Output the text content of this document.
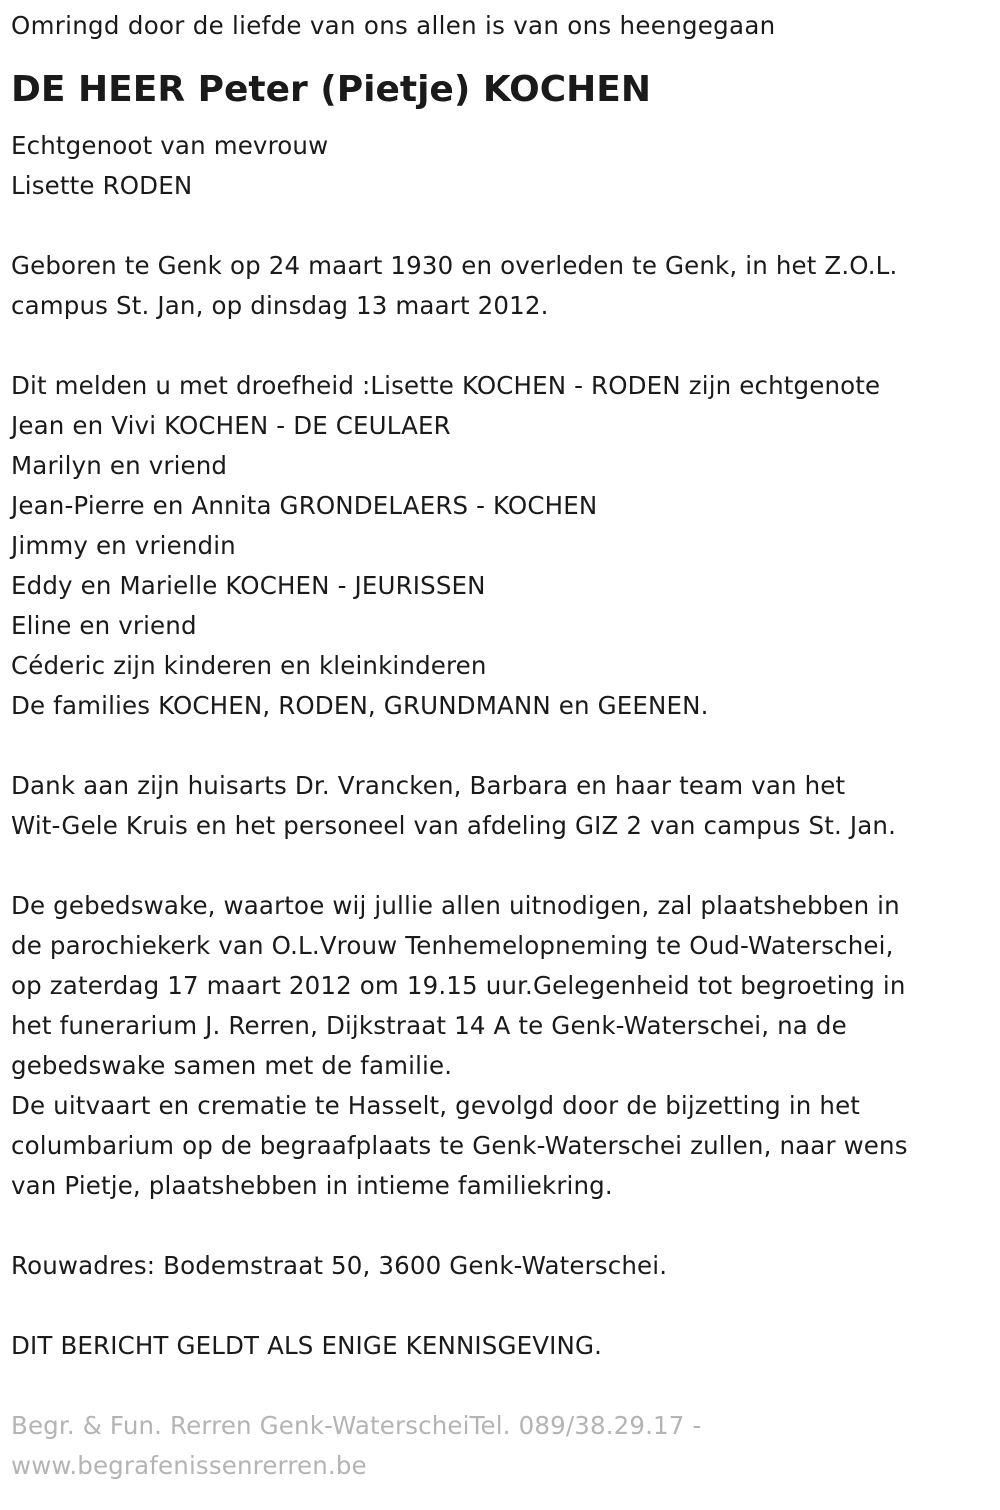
Omringd door de liefde van ons allen is van ons heengegaan
DE HEER Peter (Pietje) KOCHEN
Echtgenoot van mevrouw
Lisette RODEN
Geboren te Genk op 24 maart 1930 en overleden te Genk, in het Z.O.L.
campus St. Jan, op dinsdag 13 maart 2012.
Dit melden u met droefheid :Lisette KOCHEN - RODEN zijn echtgenote
Jean en Vivi KOCHEN - DE CEULAER
Marilyn en vriend
Jean-Pierre en Annita GRONDELAERS - KOCHEN
Jimmy en vriendin
Eddy en Marielle KOCHEN - JEURISSEN
Eline en vriend
Céderic zijn kinderen en kleinkinderen
De families KOCHEN, RODEN, GRUNDMANN en GEENEN.
Dank aan zijn huisarts Dr. Vrancken, Barbara en haar team van het
Wit-Gele Kruis en het personeel van afdeling GIZ 2 van campus St. Jan.
De gebedswake, waartoe wij jullie allen uitnodigen, zal plaatshebben in
de parochiekerk van O.L.Vrouw Tenhemelopneming te Oud-Waterschei,
op zaterdag 17 maart 2012 om 19.15 uur.Gelegenheid tot begroeting in
het funerarium J. Rerren, Dijkstraat 14 A te Genk-Waterschei, na de
gebedswake samen met de familie.
De uitvaart en crematie te Hasselt, gevolgd door de bijzetting in het
columbarium op de begraafplaats te Genk-Waterschei zullen, naar wens
van Pietje, plaatshebben in intieme familiekring.
Rouwadres: Bodemstraat 50, 3600 Genk-Waterschei.
DIT BERICHT GELDT ALS ENIGE KENNISGEVING.
Begr. & Fun. Rerren Genk-WaterscheiTel. 089/38.29.17 -
www.begrafenissenrerren.be
